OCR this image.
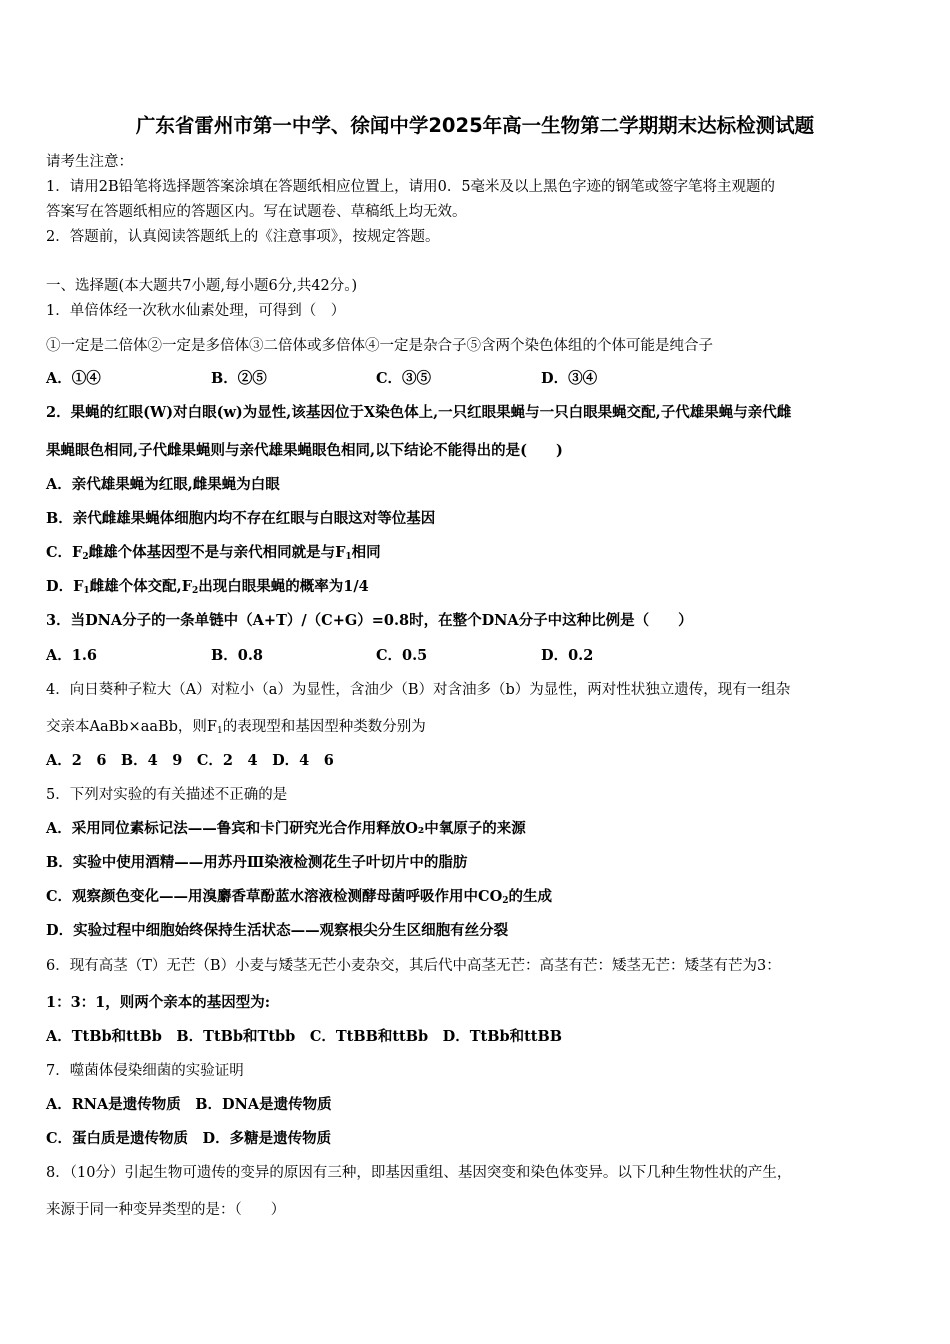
广东省雷州市第一中学、徐闻中学2025年高一生物第二学期期末达标检测试题
请考生注意：
1．请用2B铅笔将选择题答案涂填在答题纸相应位置上，请用0．5毫米及以上黑色字迹的钢笔或签字笔将主观题的
答案写在答题纸相应的答题区内。写在试题卷、草稿纸上均无效。
2．答题前，认真阅读答题纸上的《注意事项》，按规定答题。
一、选择题(本大题共7小题,每小题6分,共42分。)
1．单倍体经一次秋水仙素处理，可得到（　）
①一定是二倍体②一定是多倍体③二倍体或多倍体④一定是杂合子⑤含两个染色体组的个体可能是纯合子
A．①④	B．②⑤	C．③⑤	D．③④
2．果蝇的红眼(W)对白眼(w)为显性,该基因位于X染色体上,一只红眼果蝇与一只白眼果蝇交配,子代雄果蝇与亲代雌
果蝇眼色相同,子代雌果蝇则与亲代雄果蝇眼色相同,以下结论不能得出的是(　　)
A．亲代雄果蝇为红眼,雌果蝇为白眼
B．亲代雌雄果蝇体细胞内均不存在红眼与白眼这对等位基因
C．$F_2$雌雄个体基因型不是与亲代相同就是与$F_1$相同
D．$F_1$雌雄个体交配$,F_2$出现白眼果蝇的概率为1/4
3．当DNA分子的一条单链中（A+T）/（C+G）=0.8时，在整个DNA分子中这种比例是（　　）
A．1.6	B．0.8	C．0.5	D．0.2
4．向日葵种子粒大（A）对粒小（a）为显性，含油少（B）对含油多（b）为显性，两对性状独立遗传，现有一组杂
交亲本AaBb×aaBb，则$F_1$的表现型和基因型种类数分别为
A．2　6　B．4　9　C．2　4　D．4　6
5．下列对实验的有关描述不正确的是
A．采用同位素标记法——鲁宾和卡门研究光合作用释放O₂中氧原子的来源
B．实验中使用酒精——用苏丹Ⅲ染液检测花生子叶切片中的脂肪
C．观察颜色变化——用溴麝香草酚蓝水溶液检测酵母菌呼吸作用中$CO_2$的生成
D．实验过程中细胞始终保持生活状态——观察根尖分生区细胞有丝分裂
6．现有高茎（T）无芒（B）小麦与矮茎无芒小麦杂交，其后代中高茎无芒：高茎有芒：矮茎无芒：矮茎有芒为3：
1：3：1，则两个亲本的基因型为:
A．TtBb和ttBb　B．TtBb和Ttbb　C．TtBB和ttBb　D．TtBb和ttBB
7．噬菌体侵染细菌的实验证明
A．RNA是遗传物质　B．DNA是遗传物质
C．蛋白质是遗传物质　D．多糖是遗传物质
8．（10分）引起生物可遗传的变异的原因有三种，即基因重组、基因突变和染色体变异。以下几种生物性状的产生，
来源于同一种变异类型的是：（　　）
